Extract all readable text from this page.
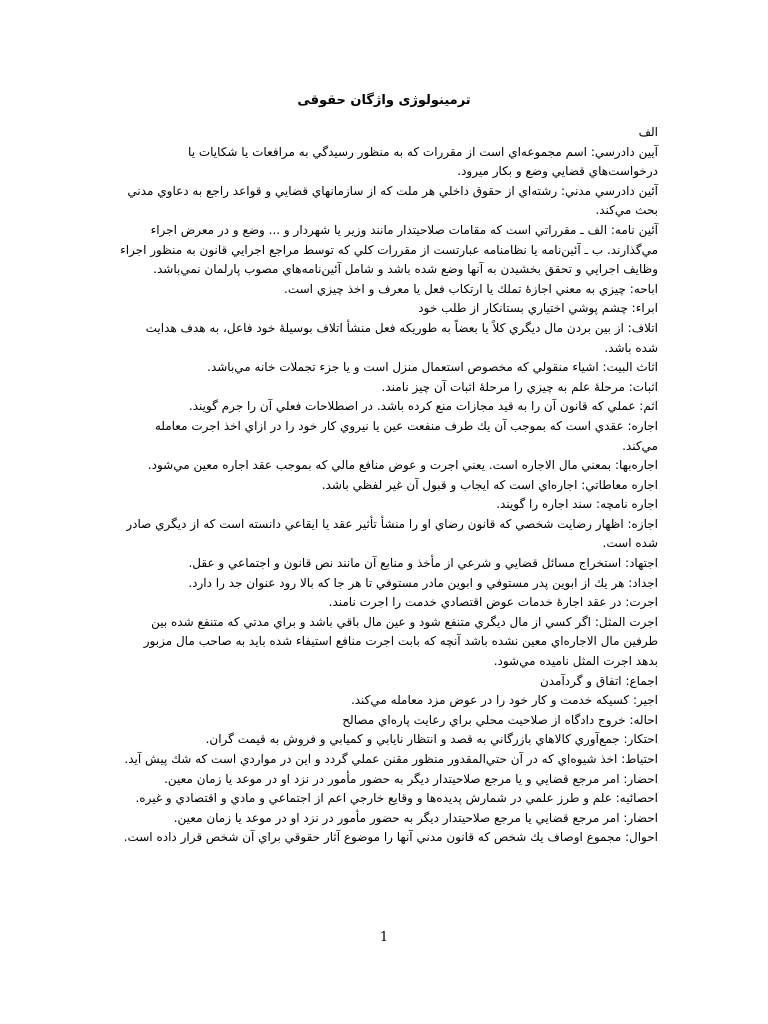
ترمینولوژی واژگان حقوقی

الف

آيين دادرسي: اسم مجموعه‌اي است از مقررات كه به منظور رسيدگي به مرافعات يا شكايات يا درخواست‌هاي قضايي وضع و بكار ميرود.

آئين دادرسي مدني: رشته‌اي از حقوق داخلي هر ملت كه از سازمانهاي قضايي و قواعد راجع به دعاوي مدني بحث مي‌كند.

آئين نامه: الف ـ مقرراتي است كه مقامات صلاحيتدار مانند وزير يا شهردار و ... وضع و در معرض اجراء مي‌گذارند. ب ـ آئين‌نامه يا نظامنامه عبارتست از مقررات كلي كه توسط مراجع اجرايي قانون به منظور اجراء وظايف اجرايي و تحقق بخشيدن به آنها وضع شده باشد و شامل آئين‌نامه‌هاي مصوب پارلمان نمي‌باشد.

اباحه: چيزي به معني اجازهٔ تملك يا ارتكاب فعل يا معرف و اخذ چيزي است.

ابراء: چشم پوشي اختياري بستانكار از طلب خود

اتلاف: از بين بردن مال ديگري كلاً يا بعضاً به طوريكه فعل منشأ اتلاف بوسيلهٔ خود فاعل، به هدف هدايت شده باشد.

اثاث البيت: اشياء منقولي كه مخصوص استعمال منزل است و يا جزء تجملات خانه مي‌باشد.

اثبات: مرحلهٔ علم به چيزي را مرحلهٔ اثبات آن چيز نامند.

اثم: عملي كه قانون آن را به قيد مجازات منع كرده باشد. در اصطلاحات فعلي آن را جرم گويند.

اجاره: عقدي است كه بموجب آن يك طرف منفعت عين يا نيروي كار خود را در ازاي اخذ اجرت معامله مي‌كند.

اجاره‌بها: بمعني مال الاجاره است. يعني اجرت و عوض منافع مالي كه بموجب عقد اجاره معين مي‌شود.

اجاره معاطاتي: اجاره‌اي است كه ايجاب و قبول آن غير لفظي باشد.

اجاره نامچه: سند اجاره را گويند.

اجازه: اظهار رضايت شخصي كه قانون رضاي او را منشأ تأثير عقد يا ايقاعي دانسته است كه از ديگري صادر شده است.

اجتهاد: استخراج مسائل قضايي و شرعي از مأخذ و منابع آن مانند نص قانون و اجتماعي و عقل.

اجداد: هر يك از ابوين پدر مستوفي و ابوين مادر مستوفي تا هر جا كه بالا رود عنوان جد را دارد.

اجرت: در عقد اجارهٔ خدمات عوض اقتصادي خدمت را اجرت نامند.

اجرت المثل: اگر كسي از مال ديگري متنفع شود و عين مال باقي باشد و براي مدتي كه متنفع شده بين طرفين مال الاجاره‌اي معين نشده باشد آنچه كه بابت اجرت منافع استيفاء شده بايد به صاحب مال مزبور بدهد اجرت المثل ناميده مي‌شود.

اجماع: اتفاق و گردآمدن

اجير: كسيكه خدمت و كار خود را در عوض مزد معامله مي‌كند.

احاله: خروج دادگاه از صلاحيت محلي براي رعايت پاره‌اي مصالح

احتكار: جمع‌آوري كالاهاي بازرگاني به قصد و انتظار نايابي و كميابي و فروش به قيمت گران.

احتياط: اخذ شيوه‌اي كه در آن حتي‌المقدور منظور مقنن عملي گردد و اين در مواردي است كه شك پيش آيد.

احضار: امر مرجع قضايي و يا مرجع صلاحيتدار ديگر به حضور مأمور در نزد او در موعد يا زمان معين.

احصائيه: علم و طرز علمي در شمارش پديده‌ها و وقايع خارجي اعم از اجتماعي و مادي و اقتصادي و غيره.

احضار: امر مرجع قضايي يا مرجع صلاحيتدار ديگر به حضور مأمور در نزد او در موعد يا زمان معين.

احوال: مجموع اوصاف يك شخص كه قانون مدني آنها را موضوع آثار حقوقي براي آن شخص قرار داده است.

1
